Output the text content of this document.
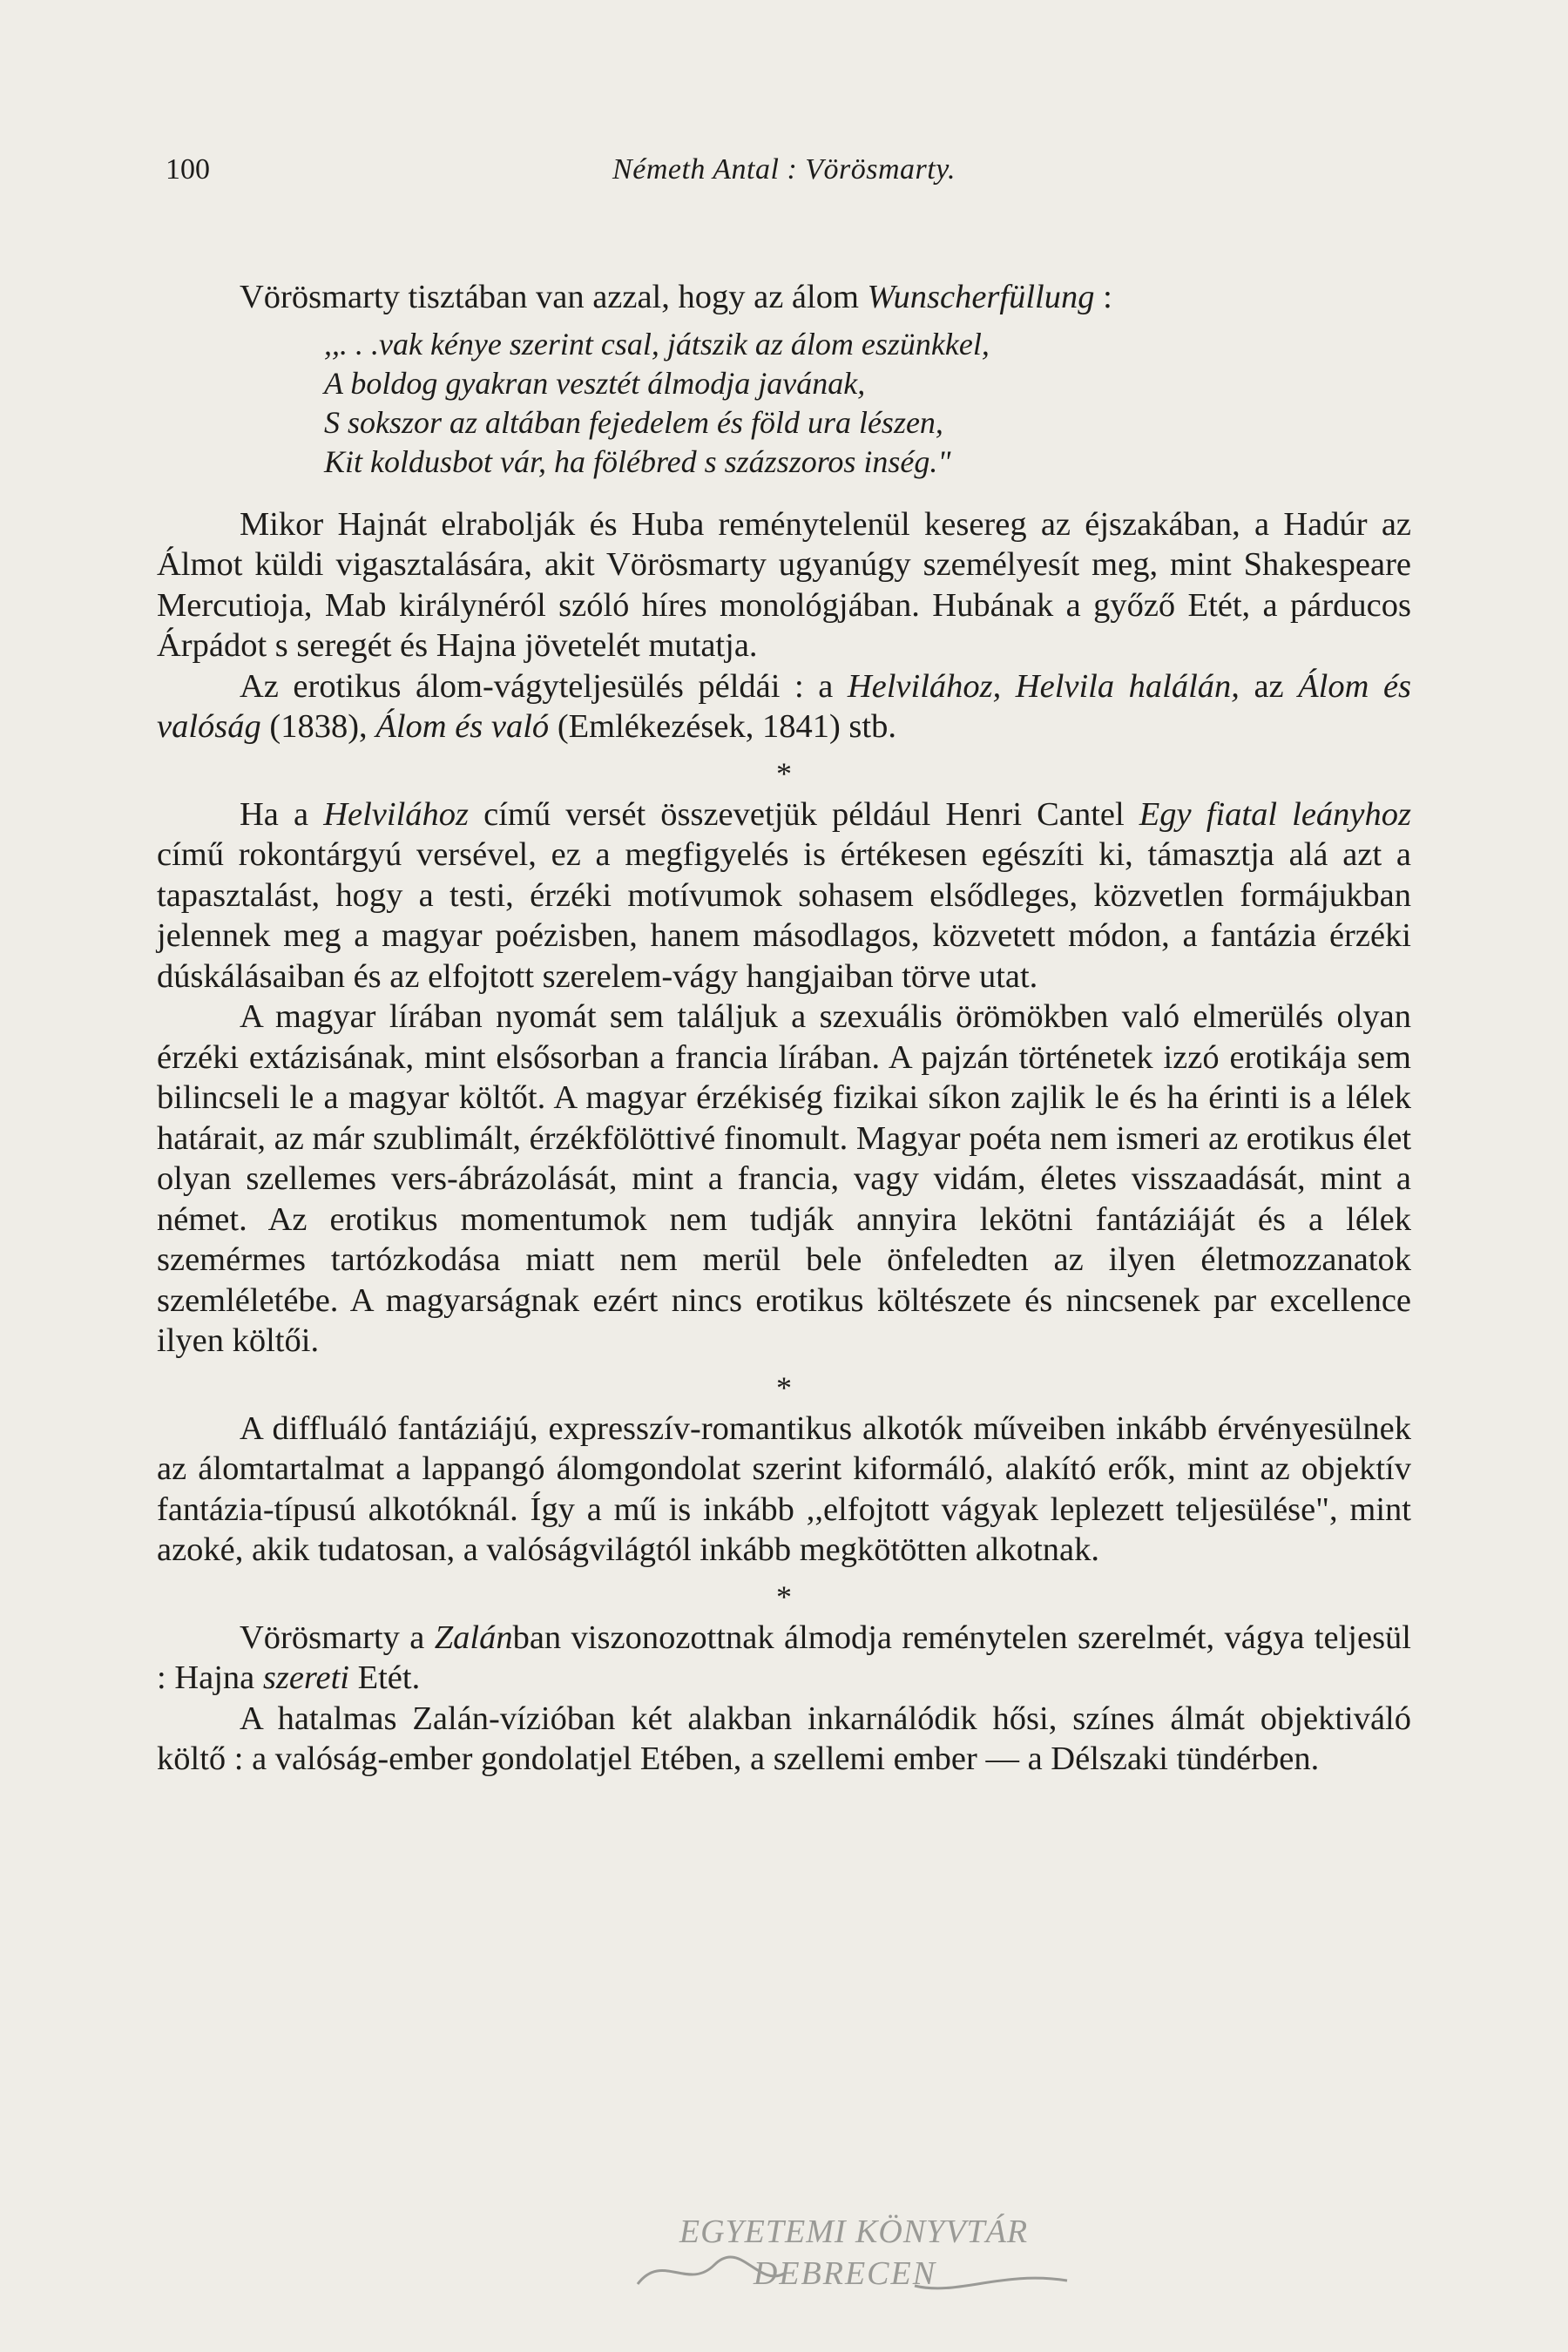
100	Németh Antal : Vörösmarty.

Vörösmarty tisztában van azzal, hogy az álom Wunscherfüllung :

,,. . .vak kénye szerint csal, játszik az álom eszünkkel,
A boldog gyakran vesztét álmodja javának,
S sokszor az altában fejedelem és föld ura lészen,
Kit koldusbot vár, ha fölébred s százszoros inség."

Mikor Hajnát elrabolják és Huba reménytelenül kesereg az éjszakában, a Hadúr az Álmot küldi vigasztalására, akit Vörösmarty ugyanúgy személyesít meg, mint Shakespeare Mercutioja, Mab királynéról szóló híres monológjában. Hubának a győző Etét, a párducos Árpádot s seregét és Hajna jövetelét mutatja.

Az erotikus álom-vágyteljesülés példái : a Helvilához, Helvila halálán, az Álom és valóság (1838), Álom és való (Emlékezések, 1841) stb.

*

Ha a Helvilához című versét összevetjük például Henri Cantel Egy fiatal leányhoz című rokontárgyú versével, ez a megfigyelés is értékesen egészíti ki, támasztja alá azt a tapasztalást, hogy a testi, érzéki motívumok sohasem elsődleges, közvetlen formájukban jelennek meg a magyar poézisben, hanem másodlagos, közvetett módon, a fantázia érzéki dúskálásaiban és az elfojtott szerelem-vágy hangjaiban törve utat.

A magyar lírában nyomát sem találjuk a szexuális örömökben való elmerülés olyan érzéki extázisának, mint elsősorban a francia lírában. A pajzán történetek izzó erotikája sem bilincseli le a magyar költőt. A magyar érzékiség fizikai síkon zajlik le és ha érinti is a lélek határait, az már szublimált, érzékfölöttivé finomult. Magyar poéta nem ismeri az erotikus élet olyan szellemes vers-ábrázolását, mint a francia, vagy vidám, életes visszaadását, mint a német. Az erotikus momentumok nem tudják annyira lekötni fantáziáját és a lélek szemérmes tartózkodása miatt nem merül bele önfeledten az ilyen életmozzanatok szemléletébe. A magyarságnak ezért nincs erotikus költészete és nincsenek par excellence ilyen költői.

*

A diffluáló fantáziájú, expresszív-romantikus alkotók műveiben inkább érvényesülnek az álomtartalmat a lappangó álomgondolat szerint kiformáló, alakító erők, mint az objektív fantázia-típusú alkotóknál. Így a mű is inkább ,,elfojtott vágyak leplezett teljesülése", mint azoké, akik tudatosan, a valóságvilágtól inkább megkötötten alkotnak.

*

Vörösmarty a Zalánban viszonozottnak álmodja reménytelen szerelmét, vágya teljesül : Hajna szereti Etét.

A hatalmas Zalán-vízióban két alakban inkarnálódik hősi, színes álmát objektiváló költő : a valóság-ember gondolatjel Etében, a szellemi ember — a Délszaki tündérben.

EGYETEMI KÖNYVTÁR
DEBRECEN
